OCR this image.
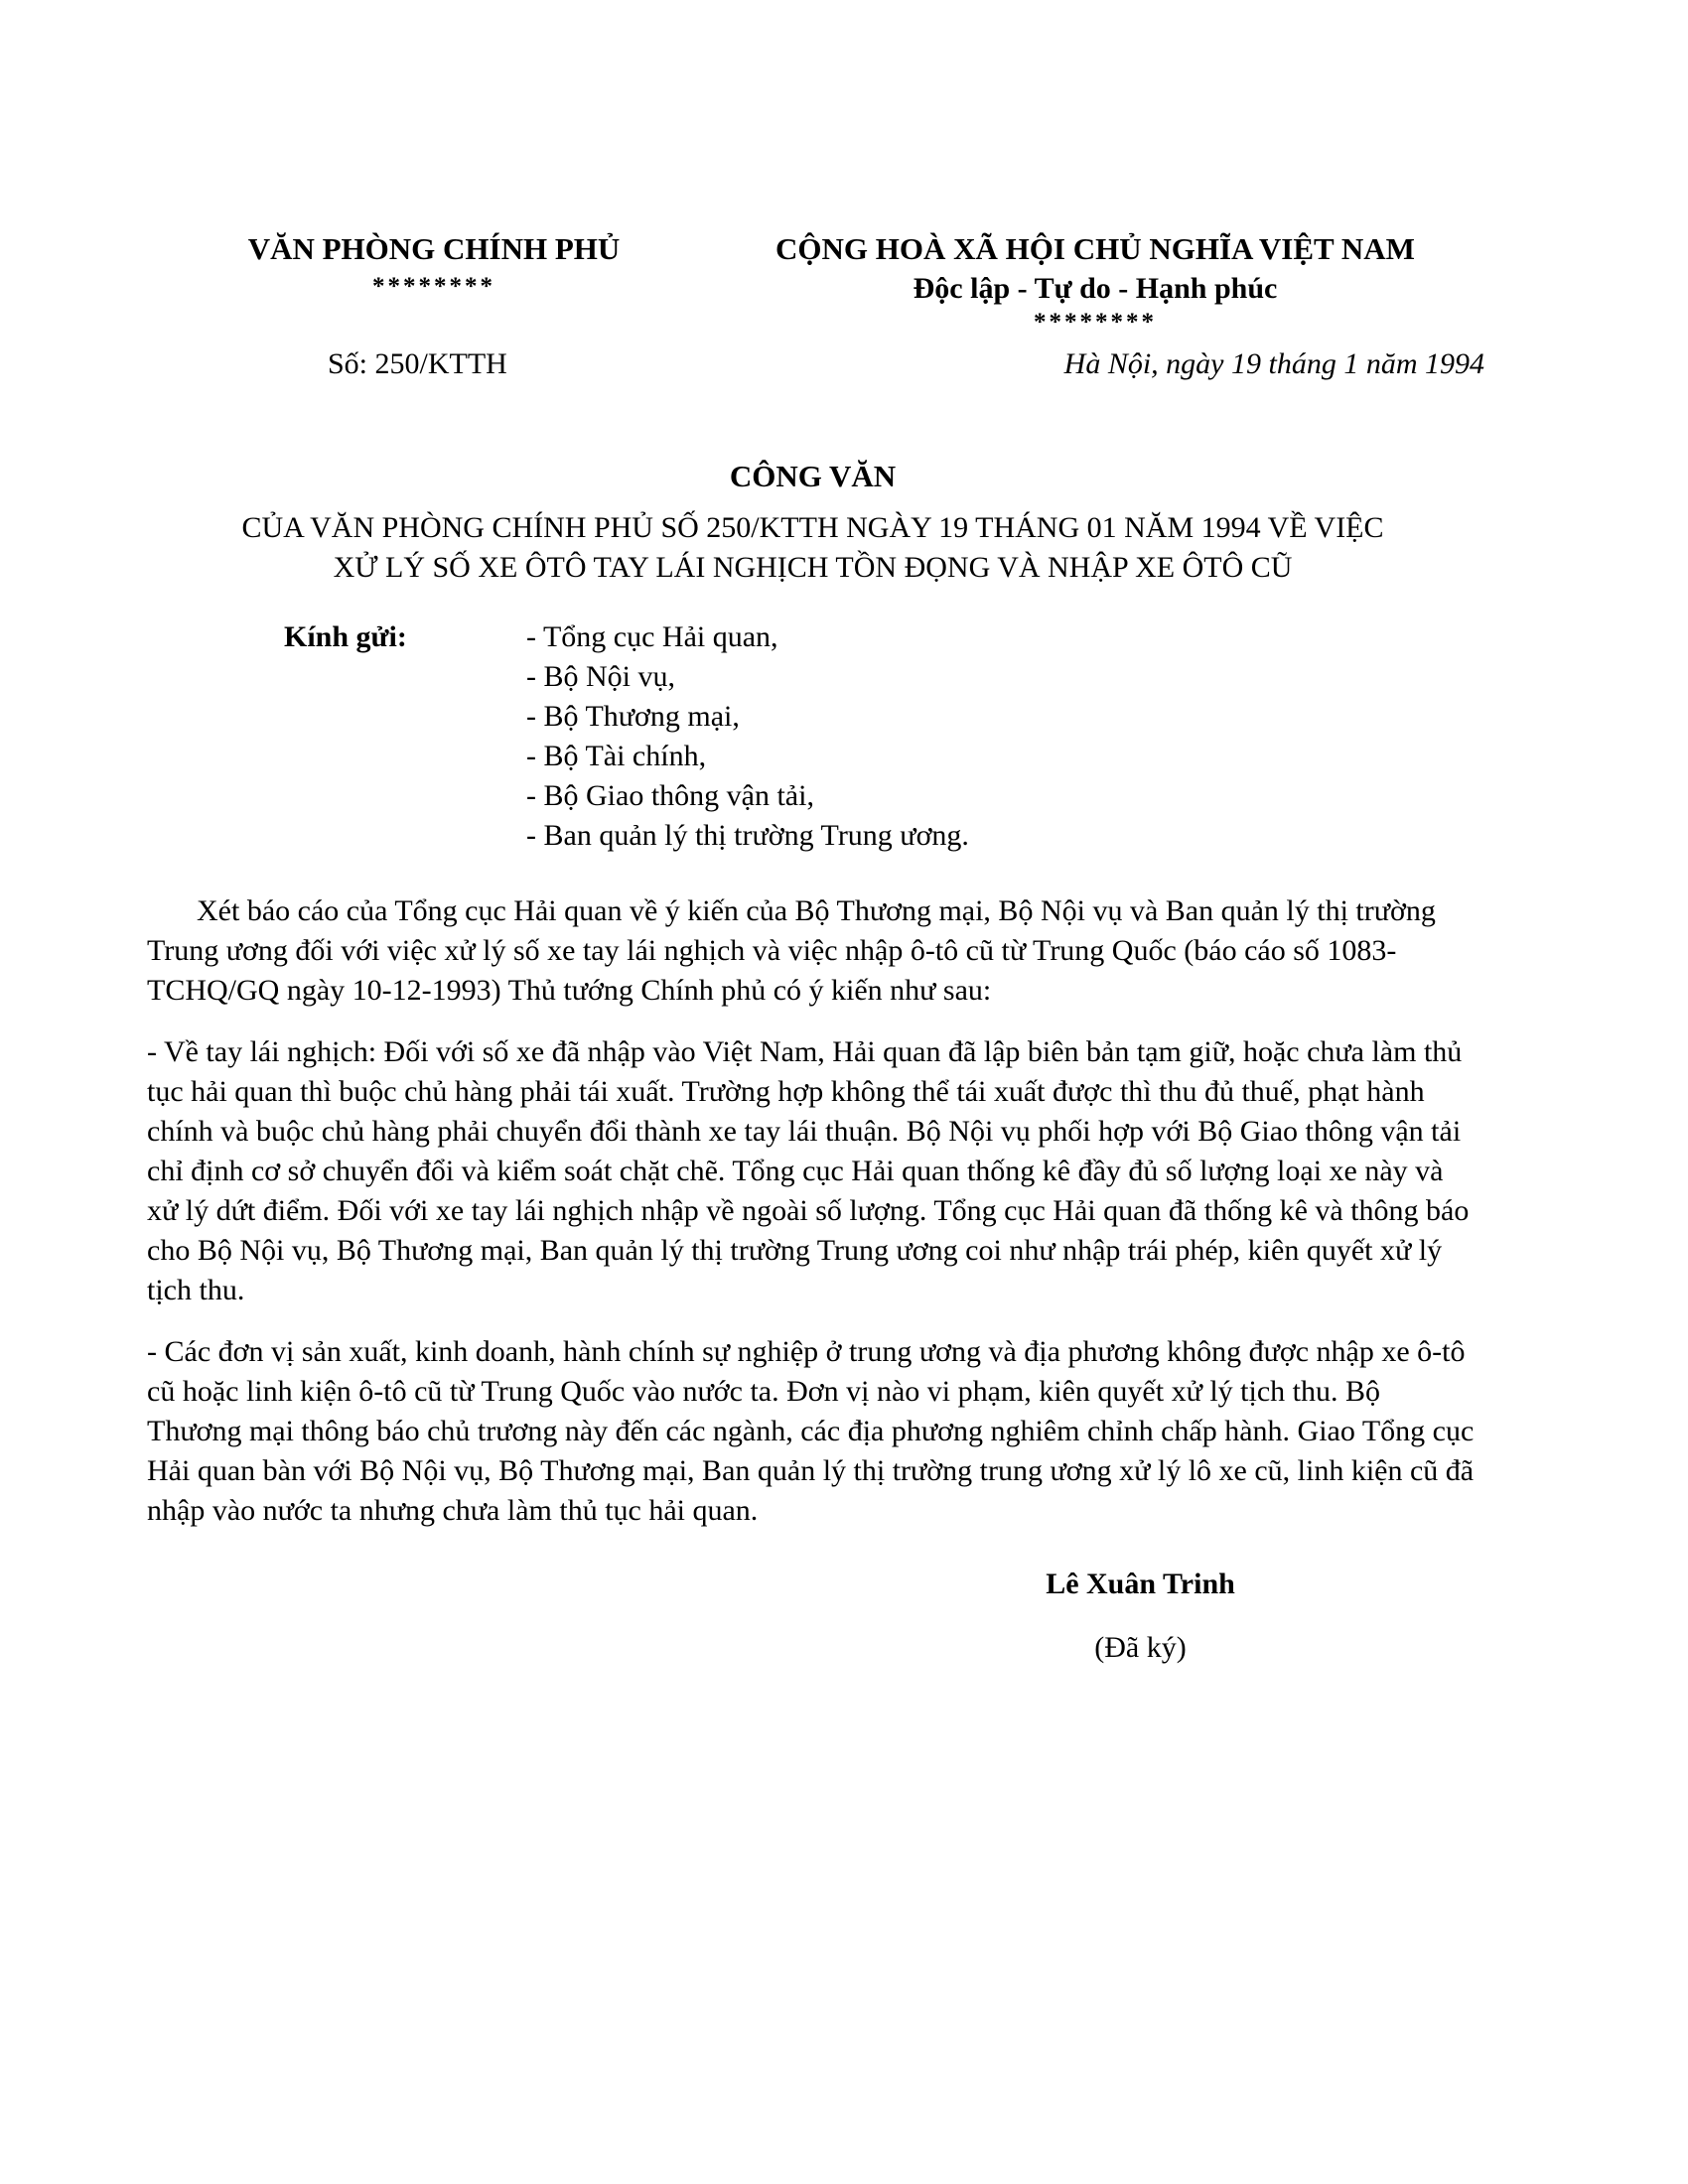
VĂN PHÒNG CHÍNH PHỦ
********
CỘNG HOÀ XÃ HỘI CHỦ NGHĨA VIỆT NAM
Độc lập - Tự do - Hạnh phúc
********
Số: 250/KTTH	Hà Nội, ngày 19 tháng 1 năm 1994
CÔNG VĂN
CỦA VĂN PHÒNG CHÍNH PHỦ SỐ 250/KTTH NGÀY 19 THÁNG 01 NĂM 1994 VỀ VIỆC
XỬ LÝ SỐ XE ÔTÔ TAY LÁI NGHỊCH TỒN ĐỌNG VÀ NHẬP XE ÔTÔ CŨ
Kính gửi:	- Tổng cục Hải quan,
- Bộ Nội vụ,
- Bộ Thương mại,
- Bộ Tài chính,
- Bộ Giao thông vận tải,
- Ban quản lý thị trường Trung ương.
Xét báo cáo của Tổng cục Hải quan về ý kiến của Bộ Thương mại, Bộ Nội vụ và Ban quản lý thị trường Trung ương đối với việc xử lý số xe tay lái nghịch và việc nhập ô-tô cũ từ Trung Quốc (báo cáo số 1083-TCHQ/GQ ngày 10-12-1993) Thủ tướng Chính phủ có ý kiến như sau:
- Về tay lái nghịch: Đối với số xe đã nhập vào Việt Nam, Hải quan đã lập biên bản tạm giữ, hoặc chưa làm thủ tục hải quan thì buộc chủ hàng phải tái xuất. Trường hợp không thể tái xuất được thì thu đủ thuế, phạt hành chính và buộc chủ hàng phải chuyển đổi thành xe tay lái thuận. Bộ Nội vụ phối hợp với Bộ Giao thông vận tải chỉ định cơ sở chuyển đổi và kiểm soát chặt chẽ. Tổng cục Hải quan thống kê đầy đủ số lượng loại xe này và xử lý dứt điểm. Đối với xe tay lái nghịch nhập về ngoài số lượng. Tổng cục Hải quan đã thống kê và thông báo cho Bộ Nội vụ, Bộ Thương mại, Ban quản lý thị trường Trung ương coi như nhập trái phép, kiên quyết xử lý tịch thu.
- Các đơn vị sản xuất, kinh doanh, hành chính sự nghiệp ở trung ương và địa phương không được nhập xe ô-tô cũ hoặc linh kiện ô-tô cũ từ Trung Quốc vào nước ta. Đơn vị nào vi phạm, kiên quyết xử lý tịch thu. Bộ Thương mại thông báo chủ trương này đến các ngành, các địa phương nghiêm chỉnh chấp hành. Giao Tổng cục Hải quan bàn với Bộ Nội vụ, Bộ Thương mại, Ban quản lý thị trường trung ương xử lý lô xe cũ, linh kiện cũ đã nhập vào nước ta nhưng chưa làm thủ tục hải quan.
Lê Xuân Trinh
(Đã ký)
